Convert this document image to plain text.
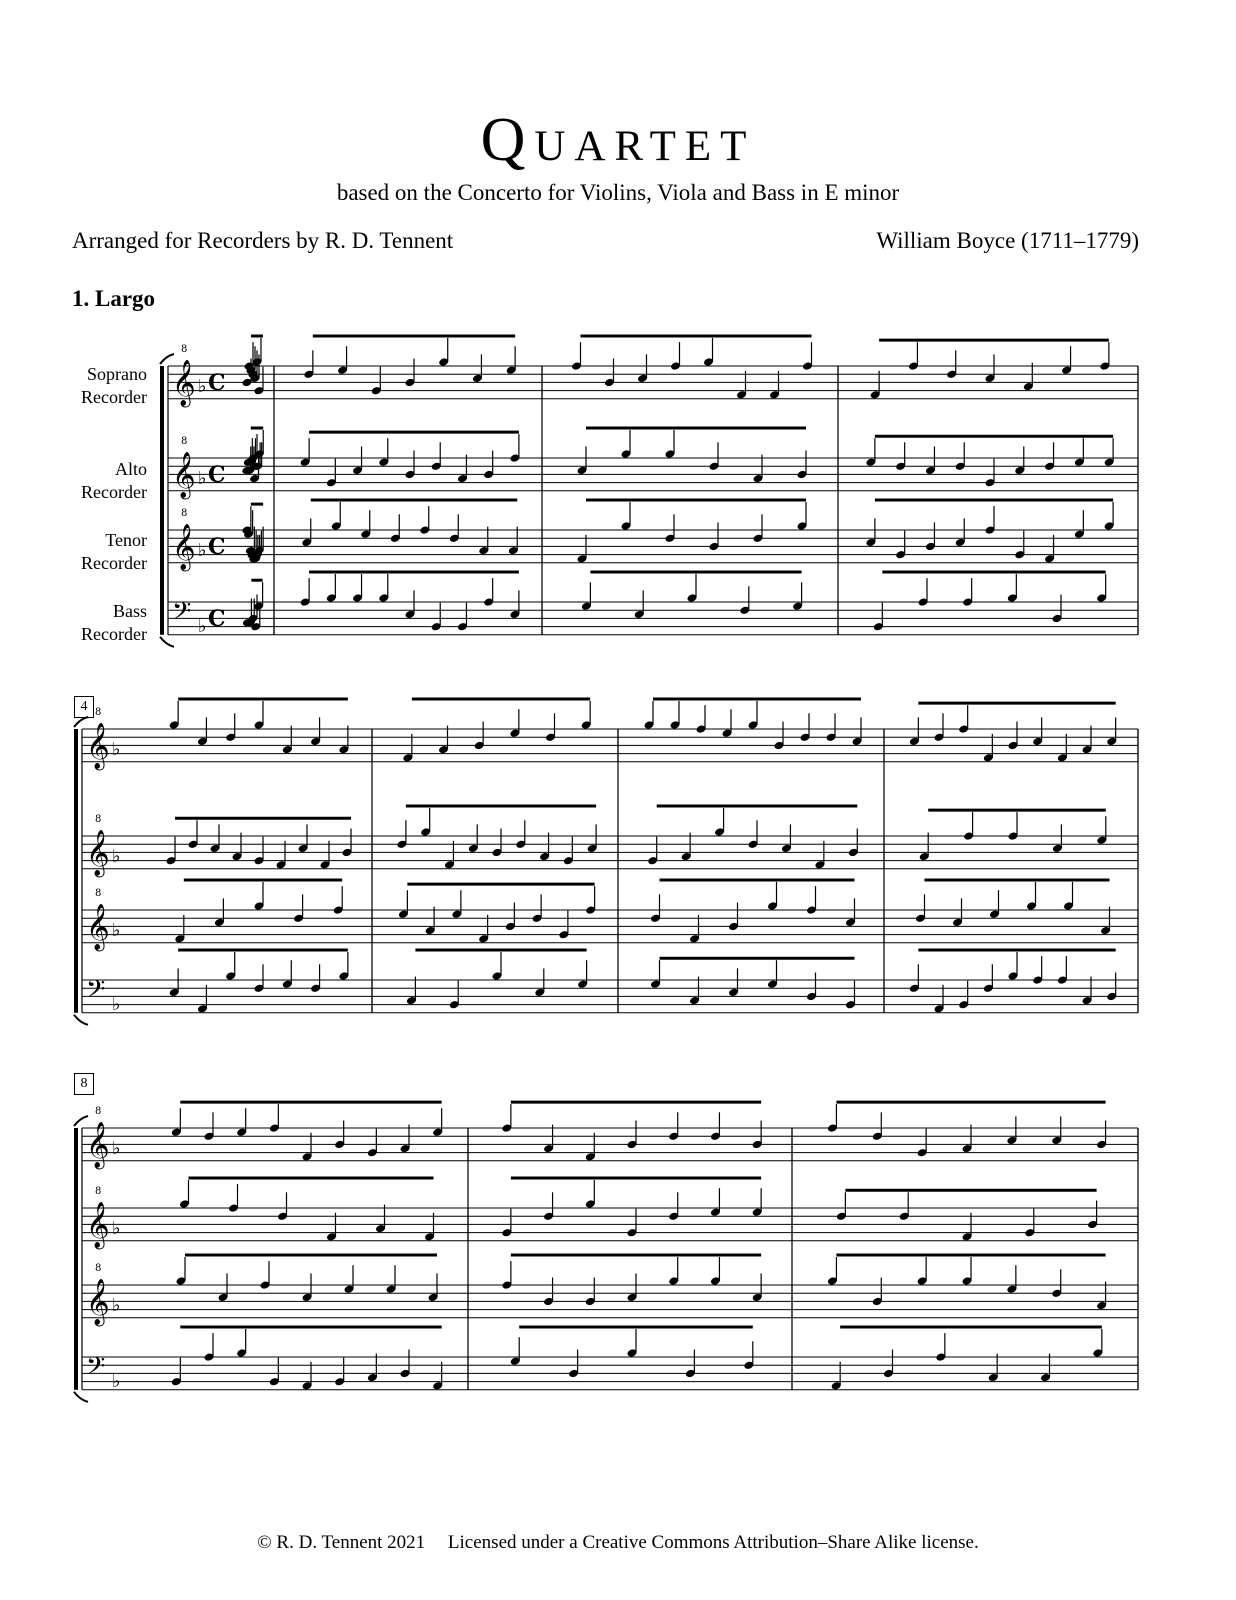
Quartet
based on the Concerto for Violins, Viola and Bass in E minor
Arranged for Recorders by R. D. Tennent	William Boyce (1711–1779)
1. Largo
Soprano
Recorder
Alto
Recorder
Tenor
Recorder
Bass
Recorder
4
8
𝄞
8
♭ C
𝄞
8
♭ C
𝄞
8
♭ C
𝄢 ♭ C
𝄞
8
♭
𝄞
8
♭
𝄞
8
♭
𝄢 ♭
𝄞
8
♭
𝄞
8
♭
𝄞
8
♭
𝄢 ♭
© R. D. Tennent 2021 Licensed under a Creative Commons Attribution–Share Alike license.
